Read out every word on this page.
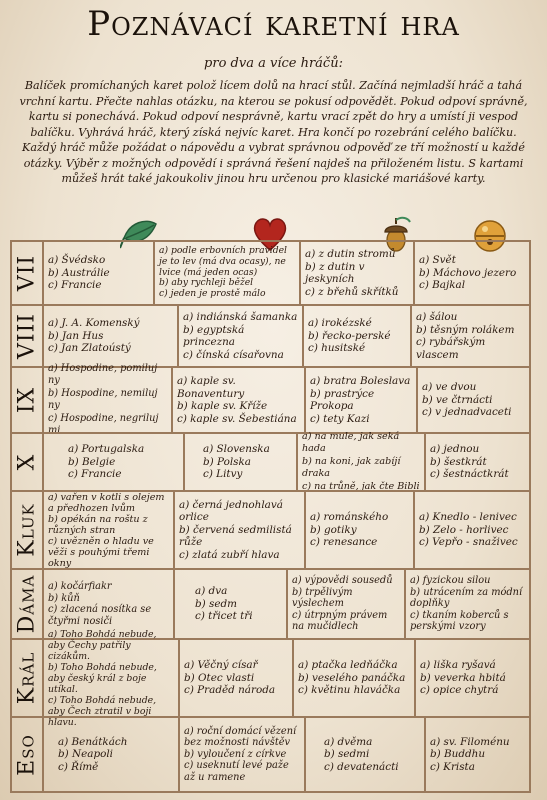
Poznávací karetní hra
pro dva a více hráčů:
Balíček promíchaných karet polož lícem dolů na hrací stůl. Začíná nejmladší hráč a tahá vrchní kartu. Přečte nahlas otázku, na kterou se pokusí odpovědět. Pokud odpoví správně, kartu si ponechává. Pokud odpoví nesprávně, kartu vrací zpět do hry a umístí ji vespod balíčku. Vyhrává hráč, který získá nejvíc karet. Hra končí po rozebrání celého balíčku. Každý hráč může požádat o nápovědu a vybrat správnou odpověď ze tří možností u každé otázky. Výběr z možných odpovědí i správná řešení najdeš na přiloženém listu. S kartami můžeš hrát také jakoukoliv jinou hru určenou pro klasické mariášové karty.
VII a) Švédsko
b) Austrálie
c) Francie
a) podle erbovních pravidel je to lev (má dva ocasy), ne lvice (má jeden ocas)
b) aby rychleji běžel
c) jeden je prostě málo
a) z dutin stromů
b) z dutin v jeskyních
c) z břehů skřítků
a) Svět
b) Máchovo jezero
c) Bajkal
VIII a) J. A. Komenský
b) Jan Hus
c) Jan Zlatoústý
a) indiánská šamanka
b) egyptská princezna
c) čínská císařovna
a) irokézské
b) řecko-perské
c) husitské
a) šálou
b) těsným rolákem
c) rybářským vlascem
IX
a) Hospodine, pomiluj ny
b) Hospodine, nemiluj ny
c) Hospodine, negriluj mi
a) kaple sv. Bonaventury
b) kaple sv. Kříže
c) kaple sv. Šebestiána
a) bratra Boleslava
b) prastrýce Prokopa
c) tety Kazi
a) ve dvou
b) ve čtrnácti
c) v jednadvaceti
X
a) Portugalska
b) Belgie
c) Francie
a) Slovenska
b) Polska
c) Litvy
a) na mule, jak seká hada
b) na koni, jak zabíjí draka
c) na trůně, jak čte Bibli
a) jednou
b) šestkrát
c) šestnáctkrát
Kluk
a) vařen v kotli s olejem a předhozen lvům
b) opékán na roštu z různých stran
c) uvězněn o hladu ve věži s pouhými třemi okny
a) černá jednohlavá orlice
b) červená sedmilistá růže
c) zlatá zubří hlava
a) románského
b) gotiky
c) renesance
a) Knedlo - lenivec
b) Zelo - horlivec
c) Vepřo - snaživec
Dáma a) kočárfiakr
b) kůň
c) zlacená nosítka se čtyřmi nosiči
a) dva
b) sedm
c) třicet tři
a) výpovědi sousedů
b) trpělivým výslechem
c) útrpným právem na mučidlech
a) fyzickou silou
b) utrácením za módní doplňky
c) tkaním koberců s perskými vzory
Král
a) Toho Bohdá nebude, aby Čechy patřily cizákům.
b) Toho Bohdá nebude, aby český král z boje utíkal.
c) Toho Bohdá nebude, aby Čech ztratil v boji hlavu.
a) Věčný císař
b) Otec vlasti
c) Praděd národa
a) ptačka ledňáčka
b) veselého panáčka
c) květinu hlaváčka
a) liška ryšavá
b) veverka hbitá
c) opice chytrá
Eso a) Benátkách
b) Neapoli
c) Římě
a) roční domácí vězení bez možnosti návštěv
b) vyloučení z církve
c) useknutí levé paže až u ramene
a) dvěma
b) sedmi
c) devatenácti
a) sv. Filoménu
b) Buddhu
c) Krista
